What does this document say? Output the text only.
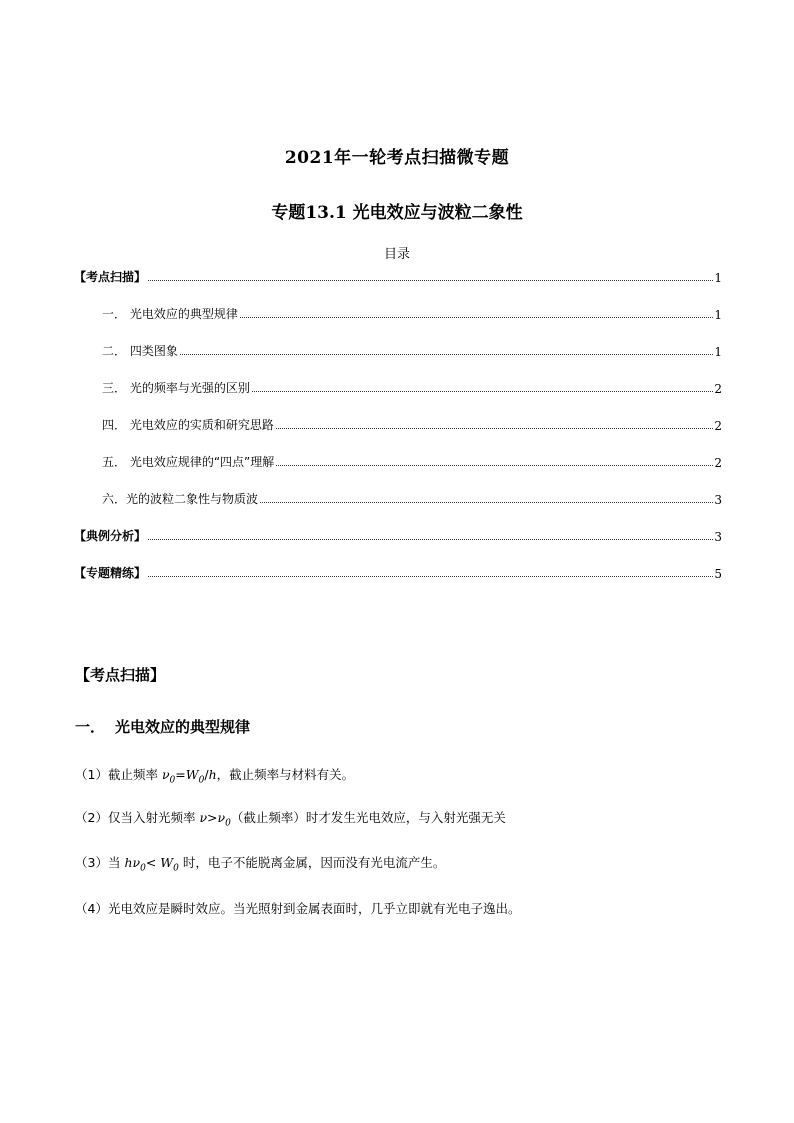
2021年一轮考点扫描微专题
专题13.1 光电效应与波粒二象性
目录
【考点扫描】	1
一． 光电效应的典型规律	1
二． 四类图象	1
三． 光的频率与光强的区别	2
四． 光电效应的实质和研究思路	2
五． 光电效应规律的“四点”理解	2
六．光的波粒二象性与物质波	3
【典例分析】	3
【专题精练】	5
【考点扫描】
一． 光电效应的典型规律
（1）截止频率 $\nu_0=W_0/h$，截止频率与材料有关。
（2）仅当入射光频率 $\nu>\nu_0$（截止频率）时才发生光电效应，与入射光强无关
（3）当 $h\nu_0< W_0$ 时，电子不能脱离金属，因而没有光电流产生。
（4）光电效应是瞬时效应。当光照射到金属表面时，几乎立即就有光电子逸出。
